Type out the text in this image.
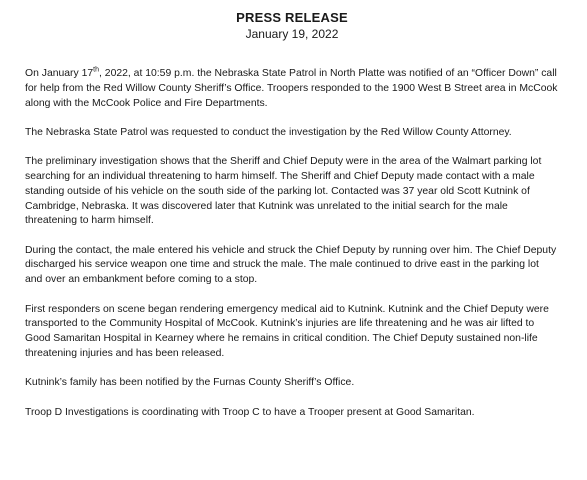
PRESS RELEASE
January 19, 2022

On January 17th, 2022, at 10:59 p.m. the Nebraska State Patrol in North Platte was notified of an “Officer Down” call for help from the Red Willow County Sheriff’s Office. Troopers responded to the 1900 West B Street area in McCook along with the McCook Police and Fire Departments.

The Nebraska State Patrol was requested to conduct the investigation by the Red Willow County Attorney.

The preliminary investigation shows that the Sheriff and Chief Deputy were in the area of the Walmart parking lot searching for an individual threatening to harm himself. The Sheriff and Chief Deputy made contact with a male standing outside of his vehicle on the south side of the parking lot. Contacted was 37 year old Scott Kutnink of Cambridge, Nebraska. It was discovered later that Kutnink was unrelated to the initial search for the male threatening to harm himself.

During the contact, the male entered his vehicle and struck the Chief Deputy by running over him. The Chief Deputy discharged his service weapon one time and struck the male. The male continued to drive east in the parking lot and over an embankment before coming to a stop.

First responders on scene began rendering emergency medical aid to Kutnink. Kutnink and the Chief Deputy were transported to the Community Hospital of McCook. Kutnink’s injuries are life threatening and he was air lifted to Good Samaritan Hospital in Kearney where he remains in critical condition. The Chief Deputy sustained non-life threatening injuries and has been released.

Kutnink’s family has been notified by the Furnas County Sheriff’s Office.

Troop D Investigations is coordinating with Troop C to have a Trooper present at Good Samaritan.
